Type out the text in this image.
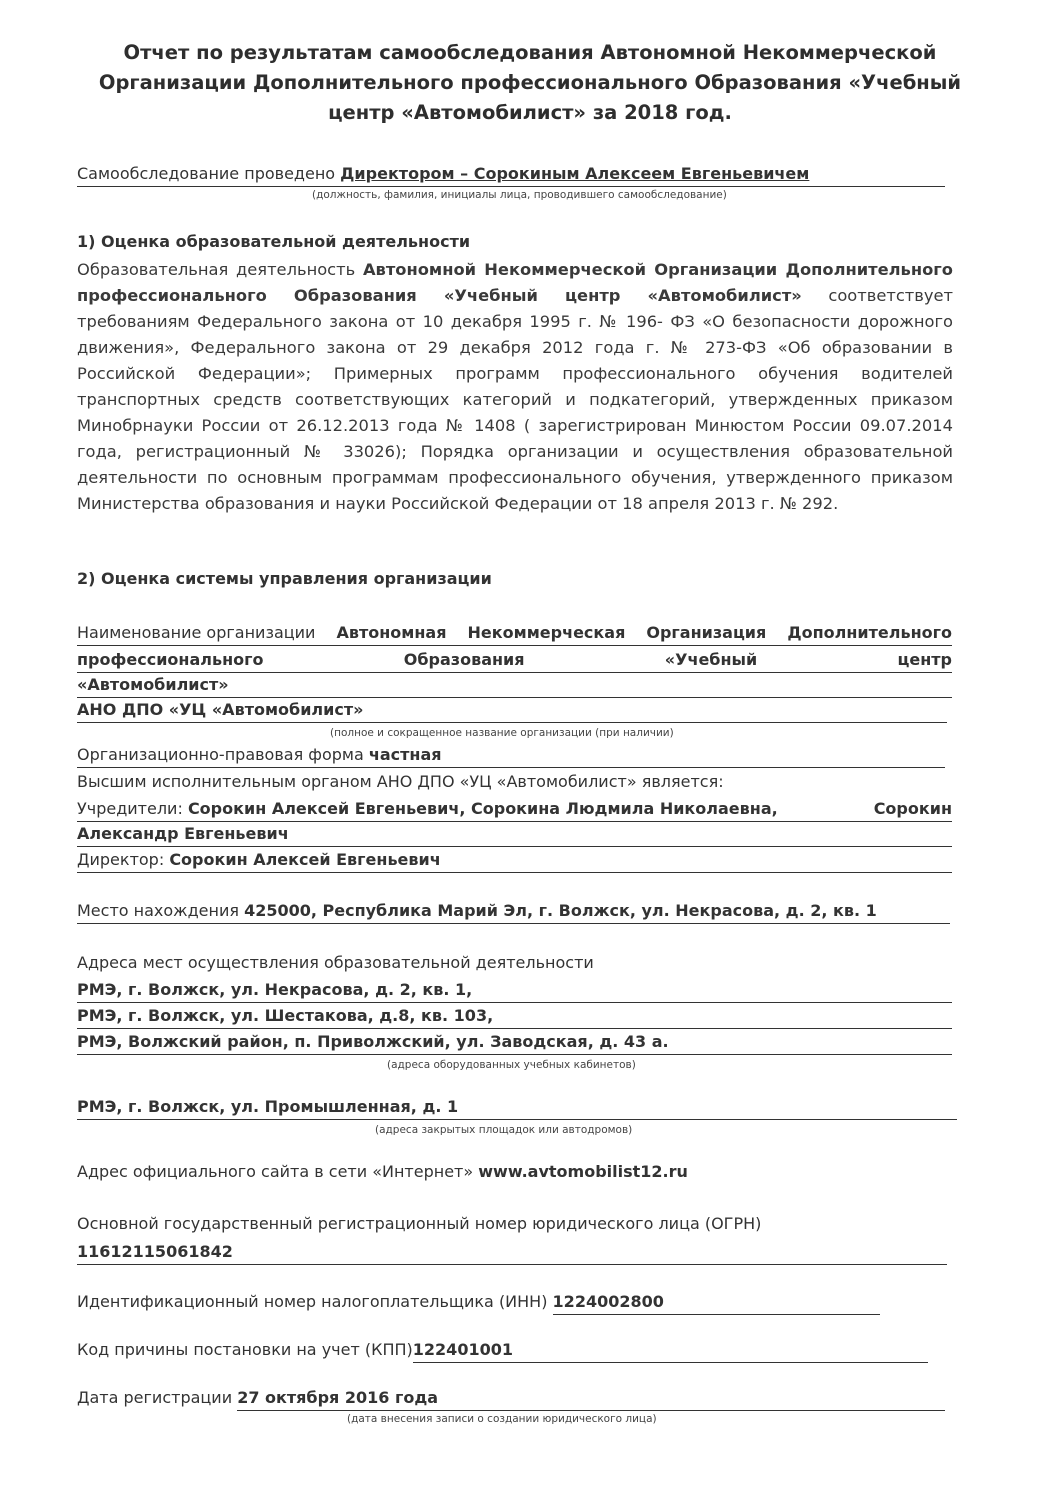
Отчет по результатам самообследования Автономной Некоммерческой Организации Дополнительного профессионального Образования «Учебный центр «Автомобилист» за 2018 год.
Самообследование проведено Директором – Сорокиным Алексеем Евгеньевичем
(должность, фамилия, инициалы лица, проводившего самообследование)
1) Оценка образовательной деятельности
Образовательная деятельность Автономной Некоммерческой Организации Дополнительного профессионального Образования «Учебный центр «Автомобилист» соответствует требованиям Федерального закона от 10 декабря 1995 г. № 196- ФЗ «О безопасности дорожного движения», Федерального закона от 29 декабря 2012 года г. № 273-ФЗ «Об образовании в Российской Федерации»; Примерных программ профессионального обучения водителей транспортных средств соответствующих категорий и подкатегорий, утвержденных приказом Минобрнауки России от 26.12.2013 года № 1408 ( зарегистрирован Минюстом России 09.07.2014 года, регистрационный № 33026); Порядка организации и осуществления образовательной деятельности по основным программам профессионального обучения, утвержденного приказом Министерства образования и науки Российской Федерации от 18 апреля 2013 г. № 292.
2) Оценка системы управления организации
Наименование организации Автономная Некоммерческая Организация Дополнительного
профессионального	Образования	«Учебный	центр
«Автомобилист»
АНО ДПО «УЦ «Автомобилист»
(полное и сокращенное название организации (при наличии)
Организационно-правовая форма частная
Высшим исполнительным органом АНО ДПО «УЦ «Автомобилист» является:
Учредители: Сорокин Алексей Евгеньевич, Сорокина Людмила Николаевна,	Сорокин
Александр Евгеньевич
Директор: Сорокин Алексей Евгеньевич
Место нахождения 425000, Республика Марий Эл, г. Волжск, ул. Некрасова, д. 2, кв. 1
Адреса мест осуществления образовательной деятельности
РМЭ, г. Волжск, ул. Некрасова, д. 2, кв. 1,
РМЭ, г. Волжск, ул. Шестакова, д.8, кв. 103,
РМЭ, Волжский район, п. Приволжский, ул. Заводская, д. 43 а.
(адреса оборудованных учебных кабинетов)
РМЭ, г. Волжск, ул. Промышленная, д. 1
(адреса закрытых площадок или автодромов)
Адрес официального сайта в сети «Интернет» www.avtomobilist12.ru
Основной государственный регистрационный номер юридического лица (ОГРН)
11612115061842
Идентификационный номер налогоплательщика (ИНН) 1224002800
Код причины постановки на учет (КПП)122401001
Дата регистрации 27 октября 2016 года
(дата внесения записи о создании юридического лица)
